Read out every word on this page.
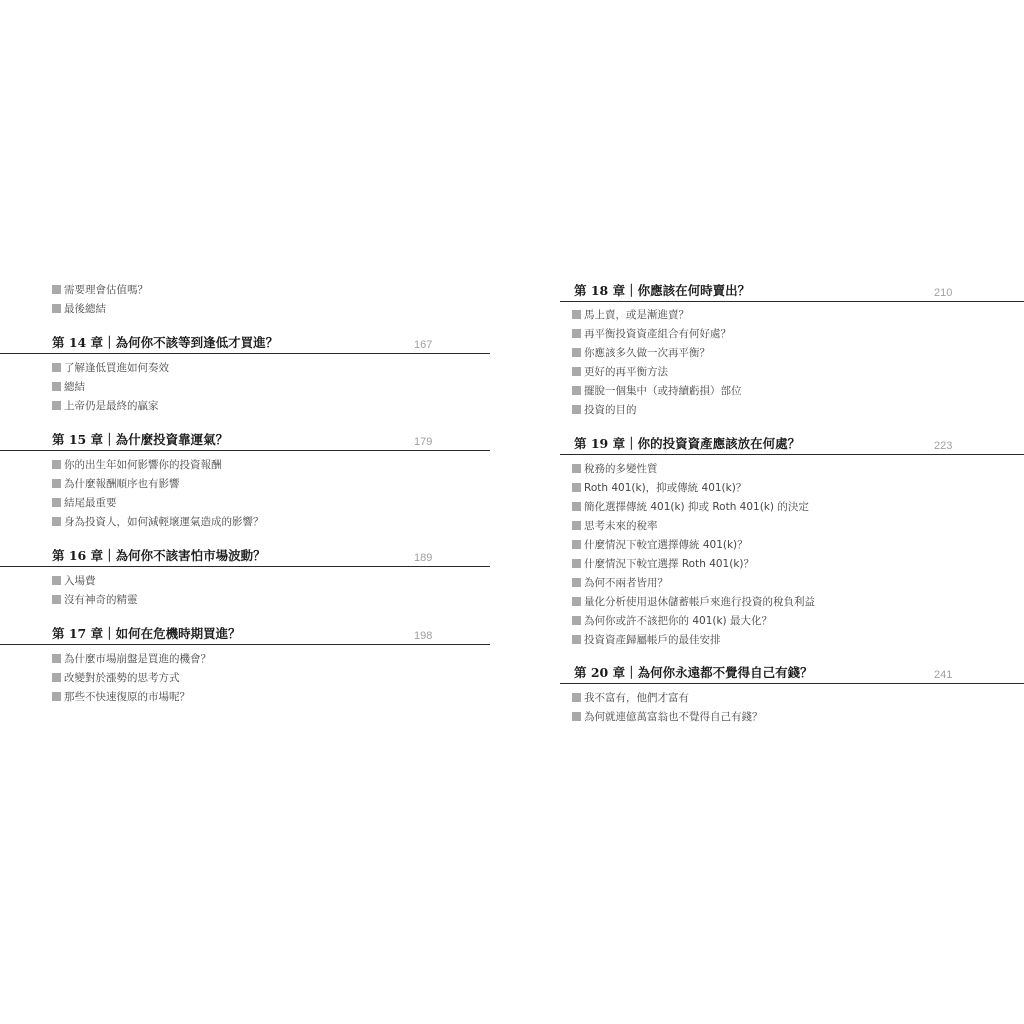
需要理會估值嗎？
最後總結
第 14 章｜為何你不該等到逢低才買進？	167
了解逢低買進如何奏效
總結
上帝仍是最終的贏家
第 15 章｜為什麼投資靠運氣？	179
你的出生年如何影響你的投資報酬
為什麼報酬順序也有影響
結尾最重要
身為投資人，如何減輕壞運氣造成的影響？
第 16 章｜為何你不該害怕市場波動？	189
入場費
沒有神奇的精靈
第 17 章｜如何在危機時期買進？	198
為什麼市場崩盤是買進的機會？
改變對於漲勢的思考方式
那些不快速復原的市場呢？
第 18 章｜你應該在何時賣出？	210
馬上賣，或是漸進賣？
再平衡投資資產組合有何好處？
你應該多久做一次再平衡？
更好的再平衡方法
擺脫一個集中（或持續虧損）部位
投資的目的
第 19 章｜你的投資資產應該放在何處？	223
稅務的多變性質
Roth 401(k)，抑或傳統 401(k)？
簡化選擇傳統 401(k) 抑或 Roth 401(k) 的決定
思考未來的稅率
什麼情況下較宜選擇傳統 401(k)？
什麼情況下較宜選擇 Roth 401(k)？
為何不兩者皆用？
量化分析使用退休儲蓄帳戶來進行投資的稅負利益
為何你或許不該把你的 401(k) 最大化？
投資資產歸屬帳戶的最佳安排
第 20 章｜為何你永遠都不覺得自己有錢？	241
我不富有，他們才富有
為何就連億萬富翁也不覺得自己有錢？
